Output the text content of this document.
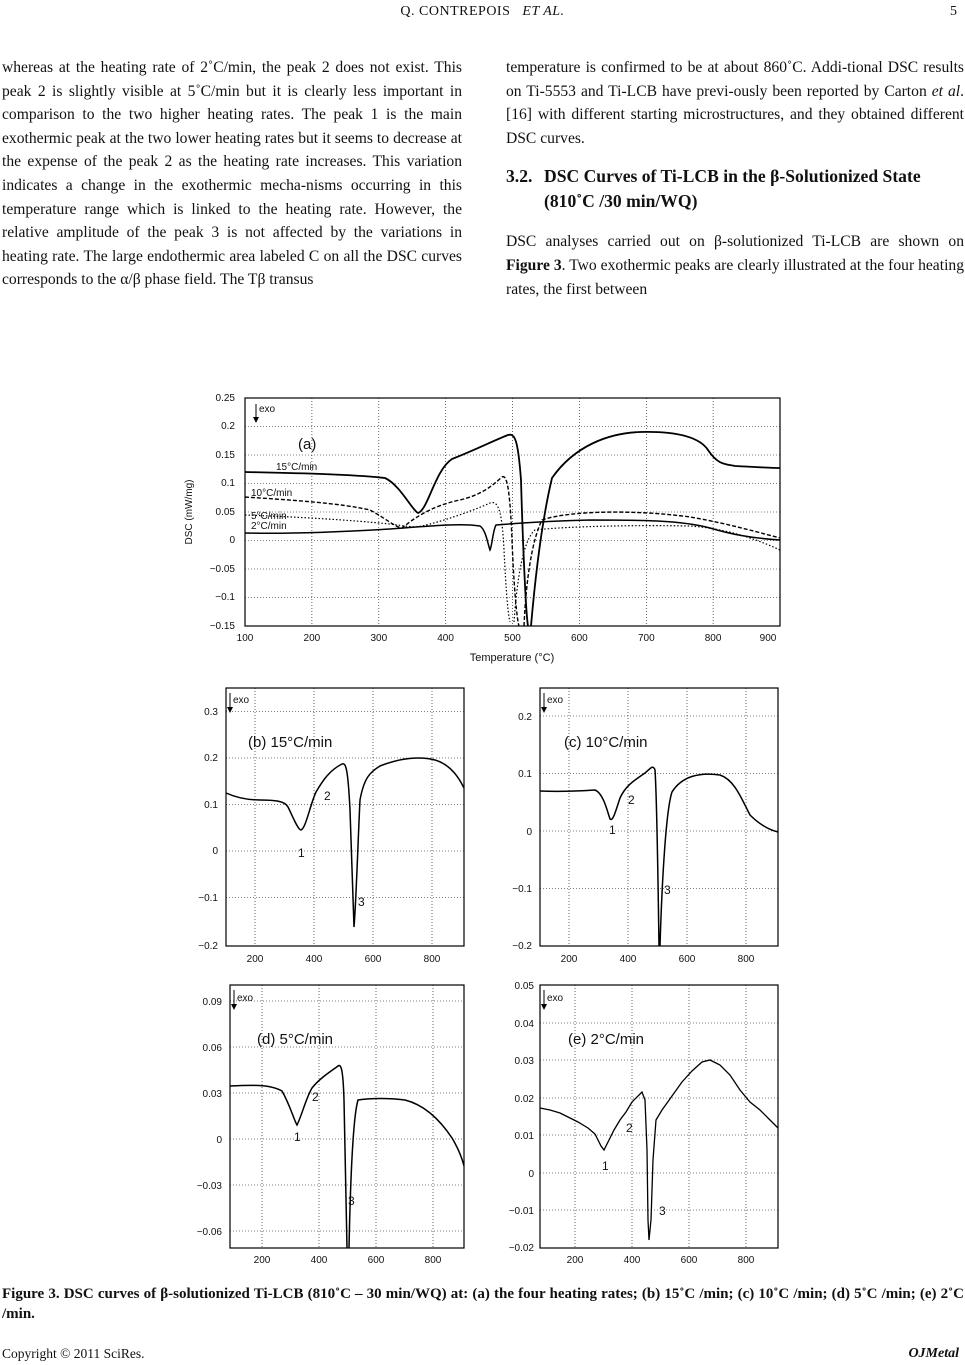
Q. CONTREPOIS ET AL.	5

whereas at the heating rate of 2˚C/min, the peak 2 does not exist. This peak 2 is slightly visible at 5˚C/min but it is clearly less important in comparison to the two higher heating rates. The peak 1 is the main exothermic peak at the two lower heating rates but it seems to decrease at the expense of the peak 2 as the heating rate increases. This variation indicates a change in the exothermic mecha-nisms occurring in this temperature range which is linked to the heating rate. However, the relative amplitude of the peak 3 is not affected by the variations in heating rate. The large endothermic area labeled C on all the DSC curves corresponds to the α/β phase field. The Tβ transus

temperature is confirmed to be at about 860˚C. Addi-tional DSC results on Ti-5553 and Ti-LCB have previ-ously been reported by Carton et al. [16] with different starting microstructures, and they obtained different DSC curves.

3.2. DSC Curves of Ti-LCB in the β-Solutionized State (810˚C /30 min/WQ)

DSC analyses carried out on β-solutionized Ti-LCB are shown on Figure 3. Two exothermic peaks are clearly illustrated at the four heating rates, the first between

0.25
0.2
0.15
0.1
0.05
0
−0.05
−0.1
−0.15
100	200	300	400	500	600	700	800	900
Temperature (°C)
DSC (mW/mg)
exo
(a)
15°C/min
10°C/min
5°C/min
2°C/min
0.3
0.2
0.1
0
−0.1
−0.2
200	400	600	800
exo
(b) 15°C/min
1
2
3
0.2
0.1
0
−0.1
−0.2
200	400	600	800
exo
(c) 10°C/min
1
2
3
0.09
0.06
0.03
0
−0.03
−0.06
200	400	600	800
exo
(d) 5°C/min
1
2
3
0.05
0.04
0.03
0.02
0.01
0
−0.01
−0.02
200	400	600	800
exo
(e) 2°C/min
1
2
3
Figure 3. DSC curves of β-solutionized Ti-LCB (810˚C – 30 min/WQ) at: (a) the four heating rates; (b) 15˚C /min; (c) 10˚C /min; (d) 5˚C /min; (e) 2˚C /min.
Copyright © 2011 SciRes.	OJMetal
